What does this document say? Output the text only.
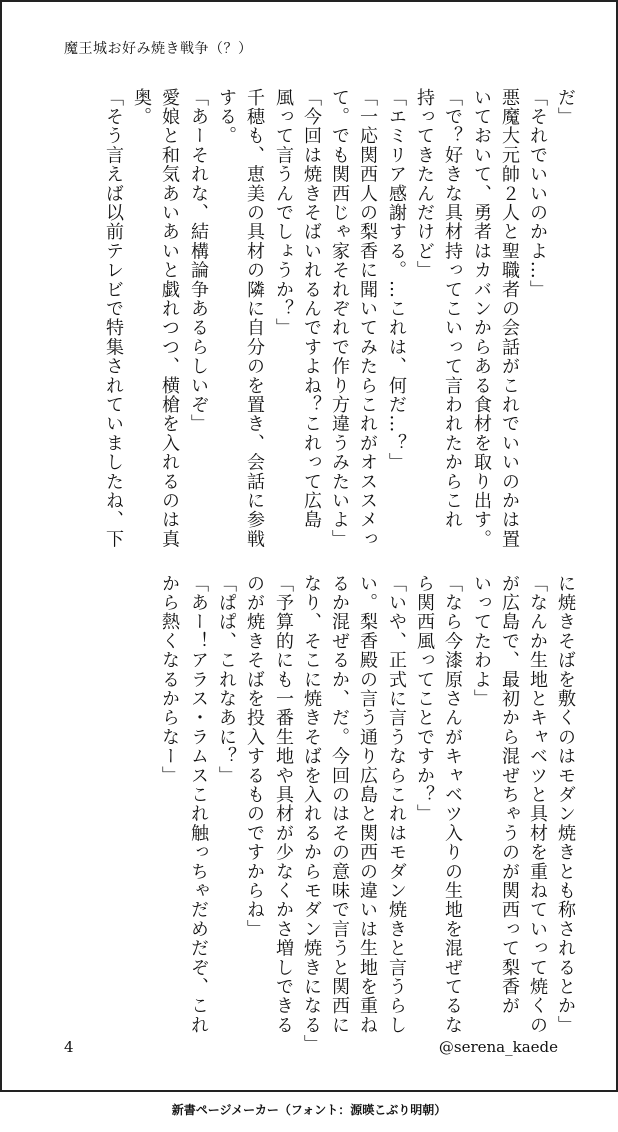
魔王城お好み焼き戦争（？）
だ」
「それでいいのかよ…」
悪魔大元帥２人と聖職者の会話がこれでいいのかは置
いておいて、勇者はカバンからある食材を取り出す。
「で？好きな具材持ってこいって言われたからこれ
持ってきたんだけど」
「エミリア感謝する。…これは、何だ…？」
「一応関西人の梨香に聞いてみたらこれがオススメっ
て。でも関西じゃ家それぞれで作り方違うみたいよ」
「今回は焼きそばいれるんですよね？これって広島
風って言うんでしょうか？」
千穂も、恵美の具材の隣に自分のを置き、会話に参戦
する。
「あーそれな、結構論争あるらしいぞ」
愛娘と和気あいあいと戯れつつ、横槍を入れるのは真
奥。
「そう言えば以前テレビで特集されていましたね、下
に焼きそばを敷くのはモダン焼きとも称されるとか」
「なんか生地とキャベツと具材を重ねていって焼くの
が広島で、最初から混ぜちゃうのが関西って梨香が
いってたわよ」
「なら今漆原さんがキャベツ入りの生地を混ぜてるな
ら関西風ってことですか？」
「いや、正式に言うならこれはモダン焼きと言うらし
い。梨香殿の言う通り広島と関西の違いは生地を重ね
るか混ぜるか、だ。今回のはその意味で言うと関西に
なり、そこに焼きそばを入れるからモダン焼きになる」
「予算的にも一番生地や具材が少なくかさ増しできる
のが焼きそばを投入するものですからね」
「ぱぱ、これなあに？」
「あー！アラス・ラムスこれ触っちゃだめだぞ、これ
から熱くなるからなー」
4	@serena_kaede
新書ページメーカー（フォント：源暎こぶり明朝）
